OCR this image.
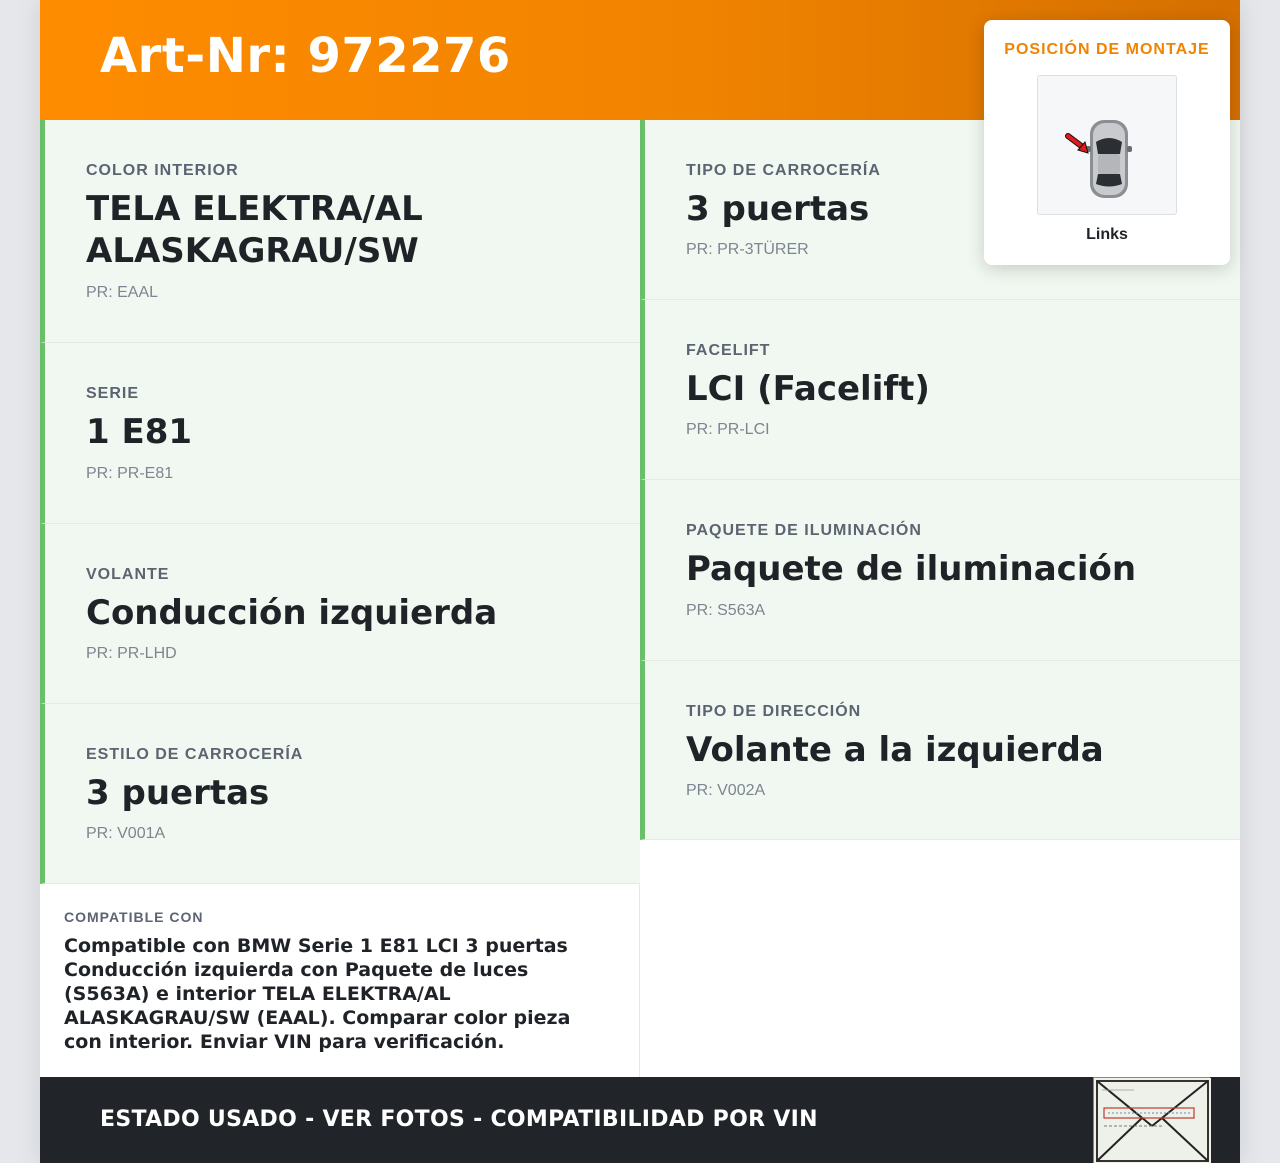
Art-Nr: 972276
COLOR INTERIOR
TELA ELEKTRA/AL ALASKAGRAU/SW
PR: EAAL
SERIE
1 E81
PR: PR-E81
VOLANTE
Conducción izquierda
PR: PR-LHD
ESTILO DE CARROCERÍA
3 puertas
PR: V001A
TIPO DE CARROCERÍA
3 puertas
PR: PR-3TÜRER
FACELIFT
LCI (Facelift)
PR: PR-LCI
PAQUETE DE ILUMINACIÓN
Paquete de iluminación
PR: S563A
TIPO DE DIRECCIÓN
Volante a la izquierda
PR: V002A
COMPATIBLE CON
Compatible con BMW Serie 1 E81 LCI 3 puertas Conducción izquierda con Paquete de luces (S563A) e interior TELA ELEKTRA/AL ALASKAGRAU/SW (EAAL). Comparar color pieza con interior. Enviar VIN para verificación.
ESTADO USADO - VER FOTOS - COMPATIBILIDAD POR VIN
POSICIÓN DE MONTAJE
Links
